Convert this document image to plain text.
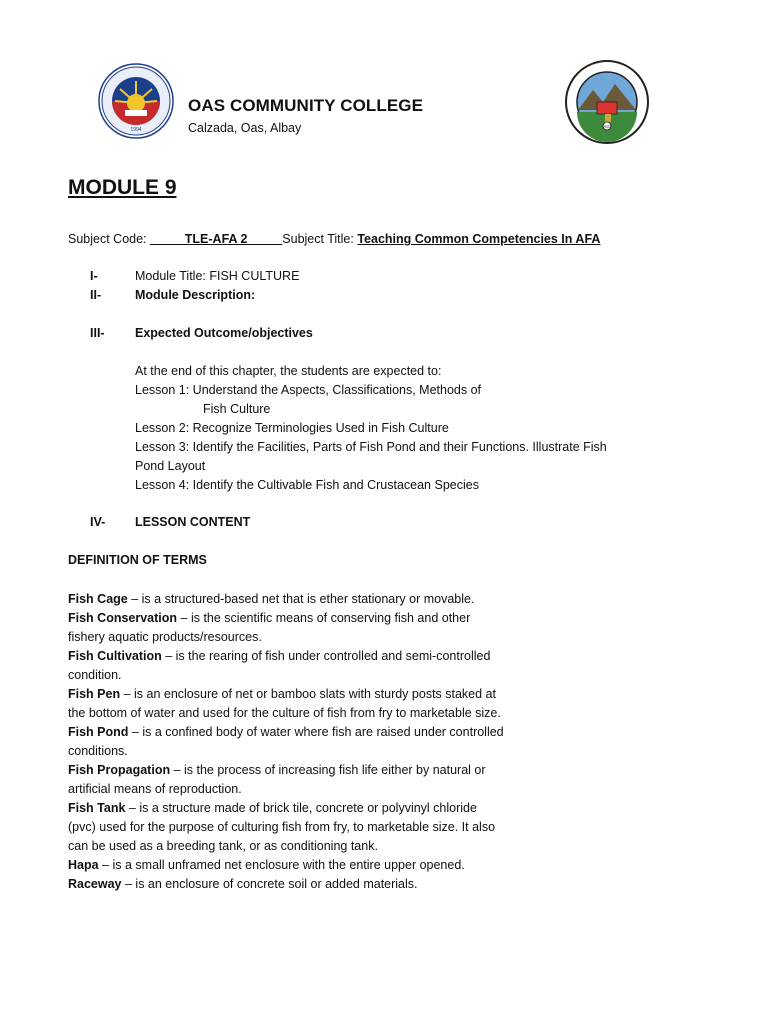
1994
OAS COMMUNITY COLLEGE
Calzada, Oas, Albay	2000
MODULE 9
Subject Code: _____TLE-AFA 2_____Subject Title: Teaching Common Competencies In AFA
I-	Module Title: FISH CULTURE
II-	Module Description:
III- Expected Outcome/objectives

At the end of this chapter, the students are expected to:

Lesson 1: Understand the Aspects, Classifications, Methods of

Fish Culture

Lesson 2: Recognize Terminologies Used in Fish Culture

Lesson 3: Identify the Facilities, Parts of Fish Pond and their Functions. Illustrate Fish

Pond Layout

Lesson 4: Identify the Cultivable Fish and Crustacean Species

IV- LESSON CONTENT
DEFINITION OF TERMS
Fish Cage – is a structured-based net that is ether stationary or movable.
Fish Conservation – is the scientific means of conserving fish and other
fishery aquatic products/resources.
Fish Cultivation – is the rearing of fish under controlled and semi-controlled
condition.
Fish Pen – is an enclosure of net or bamboo slats with sturdy posts staked at
the bottom of water and used for the culture of fish from fry to marketable size.
Fish Pond – is a confined body of water where fish are raised under controlled
conditions.
Fish Propagation – is the process of increasing fish life either by natural or
artificial means of reproduction.
Fish Tank – is a structure made of brick tile, concrete or polyvinyl chloride
(pvc) used for the purpose of culturing fish from fry, to marketable size. It also
can be used as a breeding tank, or as conditioning tank.
Hapa – is a small unframed net enclosure with the entire upper opened.
Raceway – is an enclosure of concrete soil or added materials.
